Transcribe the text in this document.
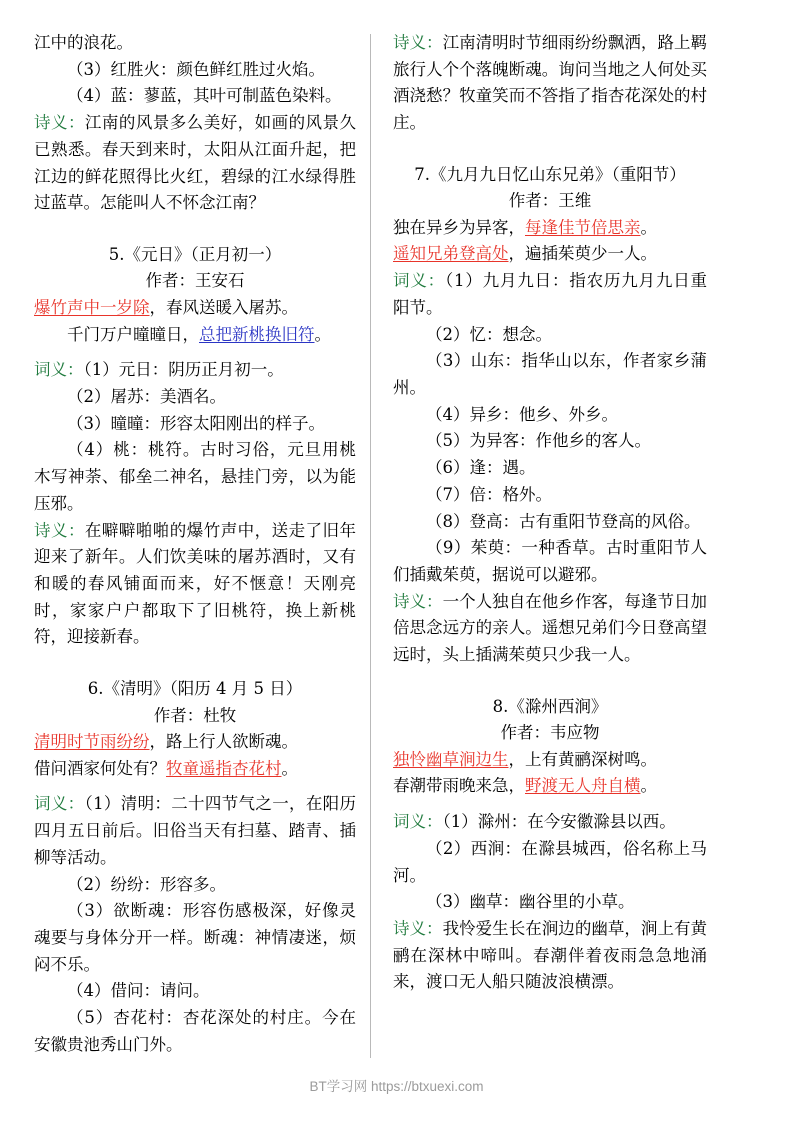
江中的浪花。

（3）红胜火：颜色鲜红胜过火焰。

（4）蓝：蓼蓝，其叶可制蓝色染料。

诗义：江南的风景多么美好，如画的风景久已熟悉。春天到来时，太阳从江面升起，把江边的鲜花照得比火红，碧绿的江水绿得胜过蓝草。怎能叫人不怀念江南？

5.《元日》（正月初一）

作者：王安石

爆竹声中一岁除，春风送暖入屠苏。

千门万户曈曈日，总把新桃换旧符。

词义：（1）元日：阴历正月初一。

（2）屠苏：美酒名。

（3）曈曈：形容太阳刚出的样子。

（4）桃：桃符。古时习俗，元旦用桃木写神荼、郁垒二神名，悬挂门旁，以为能压邪。

诗义：在噼噼啪啪的爆竹声中，送走了旧年迎来了新年。人们饮美味的屠苏酒时，又有和暖的春风铺面而来，好不惬意！天刚亮时，家家户户都取下了旧桃符，换上新桃符，迎接新春。

6.《清明》（阳历 4 月 5 日）

作者：杜牧

清明时节雨纷纷，路上行人欲断魂。

借问酒家何处有？牧童遥指杏花村。

词义：（1）清明：二十四节气之一，在阳历四月五日前后。旧俗当天有扫墓、踏青、插柳等活动。

（2）纷纷：形容多。

（3）欲断魂：形容伤感极深，好像灵魂要与身体分开一样。断魂：神情凄迷，烦闷不乐。

（4）借问：请问。

（5）杏花村：杏花深处的村庄。今在安徽贵池秀山门外。

诗义：江南清明时节细雨纷纷飘洒，路上羁旅行人个个落魄断魂。询问当地之人何处买酒浇愁？牧童笑而不答指了指杏花深处的村庄。

7.《九月九日忆山东兄弟》（重阳节）

作者：王维

独在异乡为异客，每逢佳节倍思亲。

遥知兄弟登高处，遍插茱萸少一人。

词义：（1）九月九日：指农历九月九日重阳节。

（2）忆：想念。

（3）山东：指华山以东，作者家乡蒲州。

（4）异乡：他乡、外乡。

（5）为异客：作他乡的客人。

（6）逢：遇。

（7）倍：格外。

（8）登高：古有重阳节登高的风俗。

（9）茱萸：一种香草。古时重阳节人们插戴茱萸，据说可以避邪。

诗义：一个人独自在他乡作客，每逢节日加倍思念远方的亲人。遥想兄弟们今日登高望远时，头上插满茱萸只少我一人。

8.《滁州西涧》

作者：韦应物

独怜幽草涧边生，上有黄鹂深树鸣。

春潮带雨晚来急，野渡无人舟自横。

词义：（1）滁州：在今安徽滁县以西。

（2）西涧：在滁县城西，俗名称上马河。

（3）幽草：幽谷里的小草。

诗义：我怜爱生长在涧边的幽草，涧上有黄鹂在深林中啼叫。春潮伴着夜雨急急地涌来，渡口无人船只随波浪横漂。

BT学习网 https://btxuexi.com
